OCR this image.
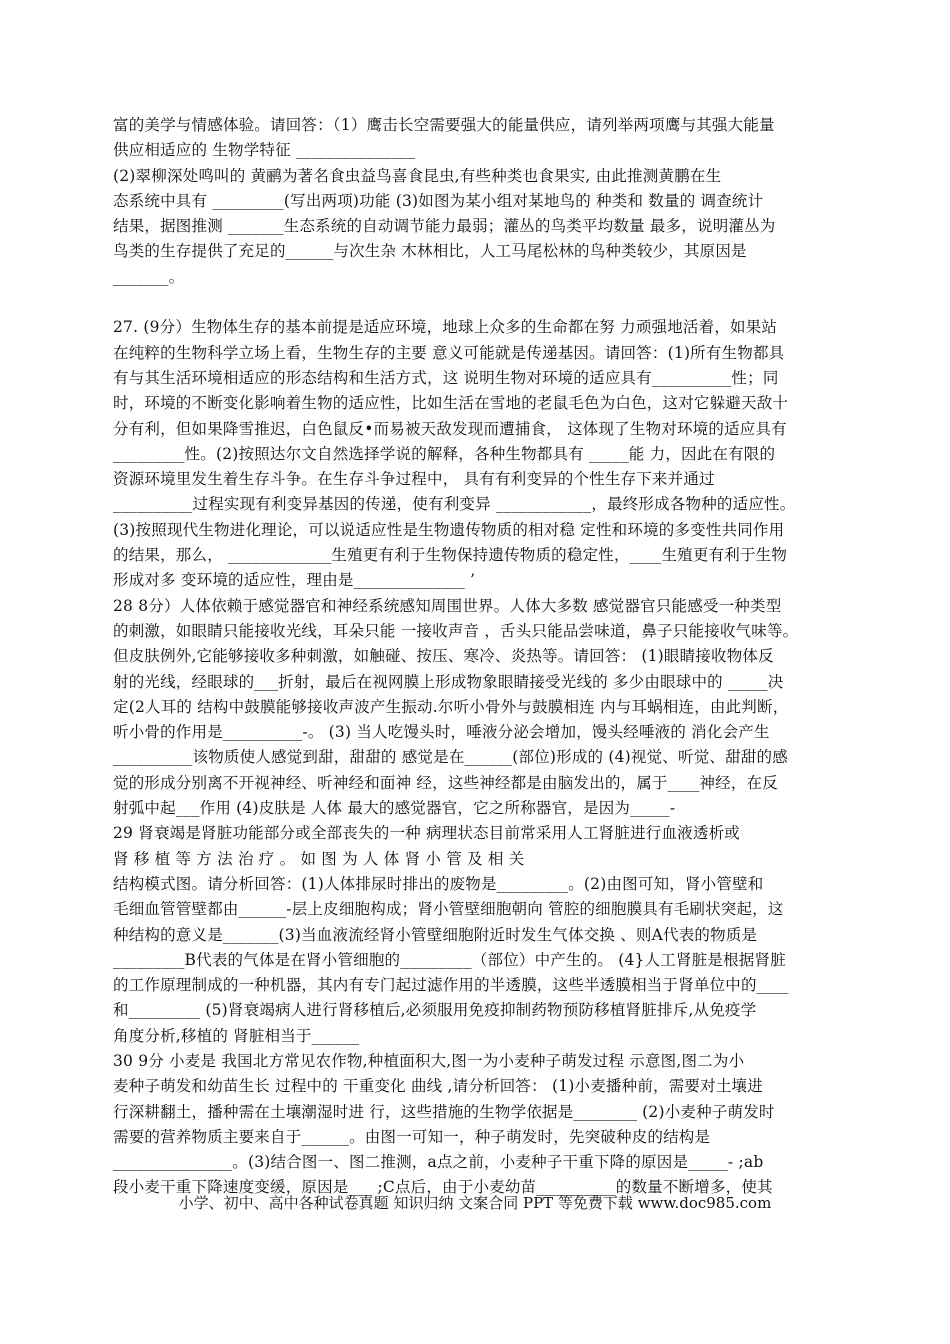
富的美学与情感体验。请回答：（1）鹰击长空需要强大的能量供应，请列举两项鹰与其强大能量
供应相适应的 生物学特征 _______________
(2)翠柳深处鸣叫的 黄鹂为著名食虫益鸟喜食昆虫,有些种类也食果实, 由此推测黄鹏在生
态系统中具有 _________(写出两项)功能 (3)如图为某小组对某地鸟的 种类和 数量的 调查统计
结果，据图推测 _______生态系统的自动调节能力最弱；灌丛的鸟类平均数量 最多，说明灌丛为
鸟类的生存提供了充足的______与次生杂 木林相比，人工马尾松林的鸟种类较少，其原因是
_______。
27. (9分）生物体生存的基本前提是适应环境，地球上众多的生命都在努 力顽强地活着，如果站
在纯粹的生物科学立场上看，生物生存的主要 意义可能就是传递基因。请回答：(1)所有生物都具
有与其生活环境相适应的形态结构和生活方式，这 说明生物对环境的适应具有__________性；同
时，环境的不断变化影响着生物的适应性，比如生活在雪地的老鼠毛色为白色，这对它躲避天敌十
分有利，但如果降雪推迟，白色鼠反•而易被天敌发现而遭捕食， 这体现了生物对环境的适应具有
_________性。(2)按照达尔文自然选择学说的解释，各种生物都具有 _____能 力，因此在有限的
资源环境里发生着生存斗争。在生存斗争过程中， 具有有利变异的个性生存下来并通过
__________过程实现有利变异基因的传递，使有利变异 ____________，最终形成各物种的适应性。
(3)按照现代生物进化理论，可以说适应性是生物遗传物质的相对稳 定性和环境的多变性共同作用
的结果，那么， _____________生殖更有利于生物保持遗传物质的稳定性，____生殖更有利于生物
形成对多 变环境的适应性，理由是______________ ’
28 8分）人体依赖于感觉器官和神经系统感知周围世界。人体大多数 感觉器官只能感受一种类型
的刺激，如眼睛只能接收光线，耳朵只能 一接收声音 ，舌头只能品尝味道，鼻子只能接收气味等。
但皮肤例外,它能够接收多种刺激，如触碰、按压、寒冷、炎热等。请回答： (1)眼睛接收物体反
射的光线，经眼球的___折射，最后在视网膜上形成物象眼睛接受光线的 多少由眼球中的 _____决
定(2人耳的 结构中鼓膜能够接收声波产生振动.尔听小骨外与鼓膜相连 内与耳蜗相连，由此判断，
听小骨的作用是__________-。 (3) 当人吃馒头时，唾液分泌会增加，馒头经唾液的 消化会产生
__________该物质使人感觉到甜，甜甜的 感觉是在______(部位)形成的 (4)视觉、听觉、甜甜的感
觉的形成分别离不开视神经、听神经和面神 经，这些神经都是由脑发出的，属于____神经，在反
射弧中起___作用 (4)皮肤是 人体 最大的感觉器官，它之所称器官，是因为_____-
29 肾衰竭是肾脏功能部分或全部丧失的一种 病理状态目前常采用人工肾脏进行血液透析或
肾 移 植 等 方 法 治 疗 。 如 图 为 人 体 肾 小 管 及 相 关
结构模式图。请分析回答：(1)人体排尿时排出的废物是_________。(2)由图可知，肾小管壁和
毛细血管管壁都由______-层上皮细胞构成；肾小管壁细胞朝向 管腔的细胞膜具有毛刷状突起，这
种结构的意义是_______(3)当血液流经肾小管壁细胞附近时发生气体交换 、则A代表的物质是
_________B代表的气体是在肾小管细胞的_________（部位）中产生的。 (4}人工肾脏是根据肾脏
的工作原理制成的一种机器，其内有专门起过滤作用的半透膜，这些半透膜相当于肾单位中的____
和_________ (5)肾衰竭病人进行肾移植后,必须服用免疫抑制药物预防移植肾脏排斥,从免疫学
角度分析,移植的 肾脏相当于______
30 9分 小麦是 我国北方常见农作物,种植面积大,图一为小麦种子萌发过程 示意图,图二为小
麦种子萌发和幼苗生长 过程中的 干重变化 曲线 ,请分析回答： (1)小麦播种前，需要对土壤进
行深耕翻土，播种需在土壤潮湿时进 行，这些措施的生物学依据是________ (2)小麦种子萌发时
需要的营养物质主要来自于______。由图一可知一，种子萌发时，先突破种皮的结构是
_______________。(3)结合图一、图二推测，a点之前，小麦种子干重下降的原因是_____- ;ab
段小麦干重下降速度变缓，原因是___ ;C点后，由于小麦幼苗__________的数量不断增多，使其
小学、初中、高中各种试卷真题 知识归纳 文案合同 PPT 等免费下载 www.doc985.com
